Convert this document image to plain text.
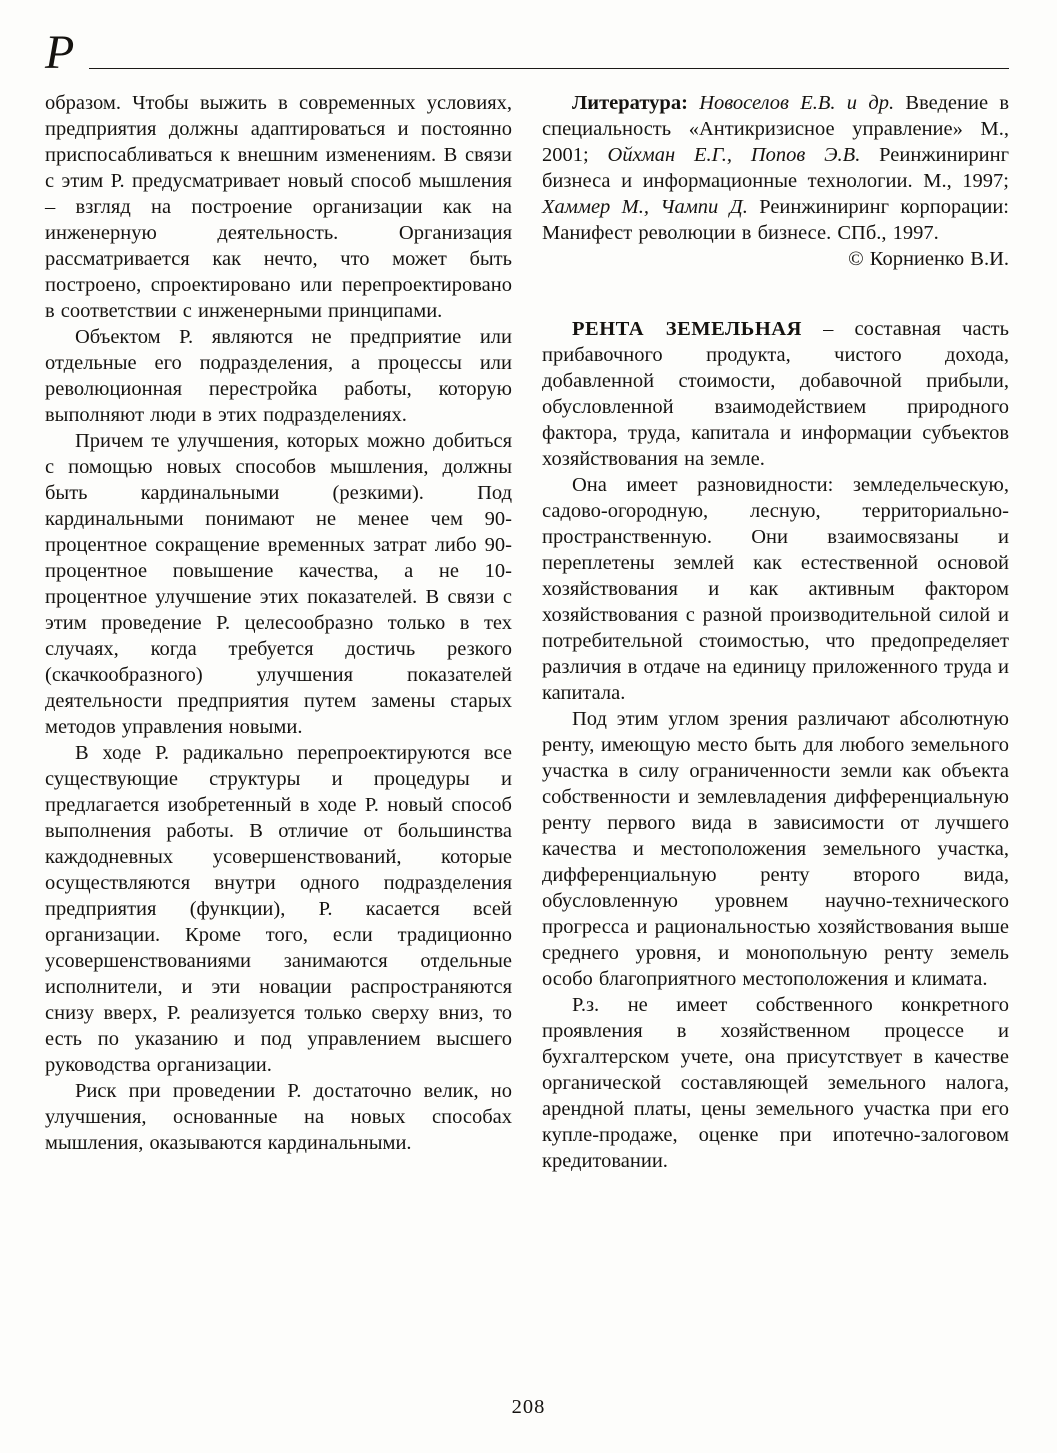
Р

образом. Чтобы выжить в современных условиях, предприятия должны адаптироваться и постоянно приспосабливаться к внешним изменениям. В связи с этим Р. предусматривает новый способ мышления – взгляд на построение организации как на инженерную деятельность. Организация рассматривается как нечто, что может быть построено, спроектировано или перепроектировано в соответствии с инженерными принципами.

Объектом Р. являются не предприятие или отдельные его подразделения, а процессы или революционная перестройка работы, которую выполняют люди в этих подразделениях.

Причем те улучшения, которых можно добиться с помощью новых способов мышления, должны быть кардинальными (резкими). Под кардинальными понимают не менее чем 90-процентное сокращение временных затрат либо 90-процентное повышение качества, а не 10-процентное улучшение этих показателей. В связи с этим проведение Р. целесообразно только в тех случаях, когда требуется достичь резкого (скачкообразного) улучшения показателей деятельности предприятия путем замены старых методов управления новыми.

В ходе Р. радикально перепроектируются все существующие структуры и процедуры и предлагается изобретенный в ходе Р. новый способ выполнения работы. В отличие от большинства каждодневных усовершенствований, которые осуществляются внутри одного подразделения предприятия (функции), Р. касается всей организации. Кроме того, если традиционно усовершенствованиями занимаются отдельные исполнители, и эти новации распространяются снизу вверх, Р. реализуется только сверху вниз, то есть по указанию и под управлением высшего руководства организации.

Риск при проведении Р. достаточно велик, но улучшения, основанные на новых способах мышления, оказываются кардинальными.

Литература: Новоселов Е.В. и др. Введение в специальность «Антикризисное управление» М., 2001; Ойхман Е.Г., Попов Э.В. Реинжиниринг бизнеса и информационные технологии. М., 1997; Хаммер М., Чампи Д. Реинжиниринг корпорации: Манифест революции в бизнесе. СПб., 1997.

© Корниенко В.И.

РЕНТА ЗЕМЕЛЬНАЯ – составная часть прибавочного продукта, чистого дохода, добавленной стоимости, добавочной прибыли, обусловленной взаимодействием природного фактора, труда, капитала и информации субъектов хозяйствования на земле.

Она имеет разновидности: земледельческую, садово-огородную, лесную, территориально-пространственную. Они взаимосвязаны и переплетены землей как естественной основой хозяйствования и как активным фактором хозяйствования с разной производительной силой и потребительной стоимостью, что предопределяет различия в отдаче на единицу приложенного труда и капитала.

Под этим углом зрения различают абсолютную ренту, имеющую место быть для любого земельного участка в силу ограниченности земли как объекта собственности и землевладения дифференциальную ренту первого вида в зависимости от лучшего качества и местоположения земельного участка, дифференциальную ренту второго вида, обусловленную уровнем научно-технического прогресса и рациональностью хозяйствования выше среднего уровня, и монопольную ренту земель особо благоприятного местоположения и климата.

Р.з. не имеет собственного конкретного проявления в хозяйственном процессе и бухгалтерском учете, она присутствует в качестве органической составляющей земельного налога, арендной платы, цены земельного участка при его купле-продаже, оценке при ипотечно-залоговом кредитовании.

208
